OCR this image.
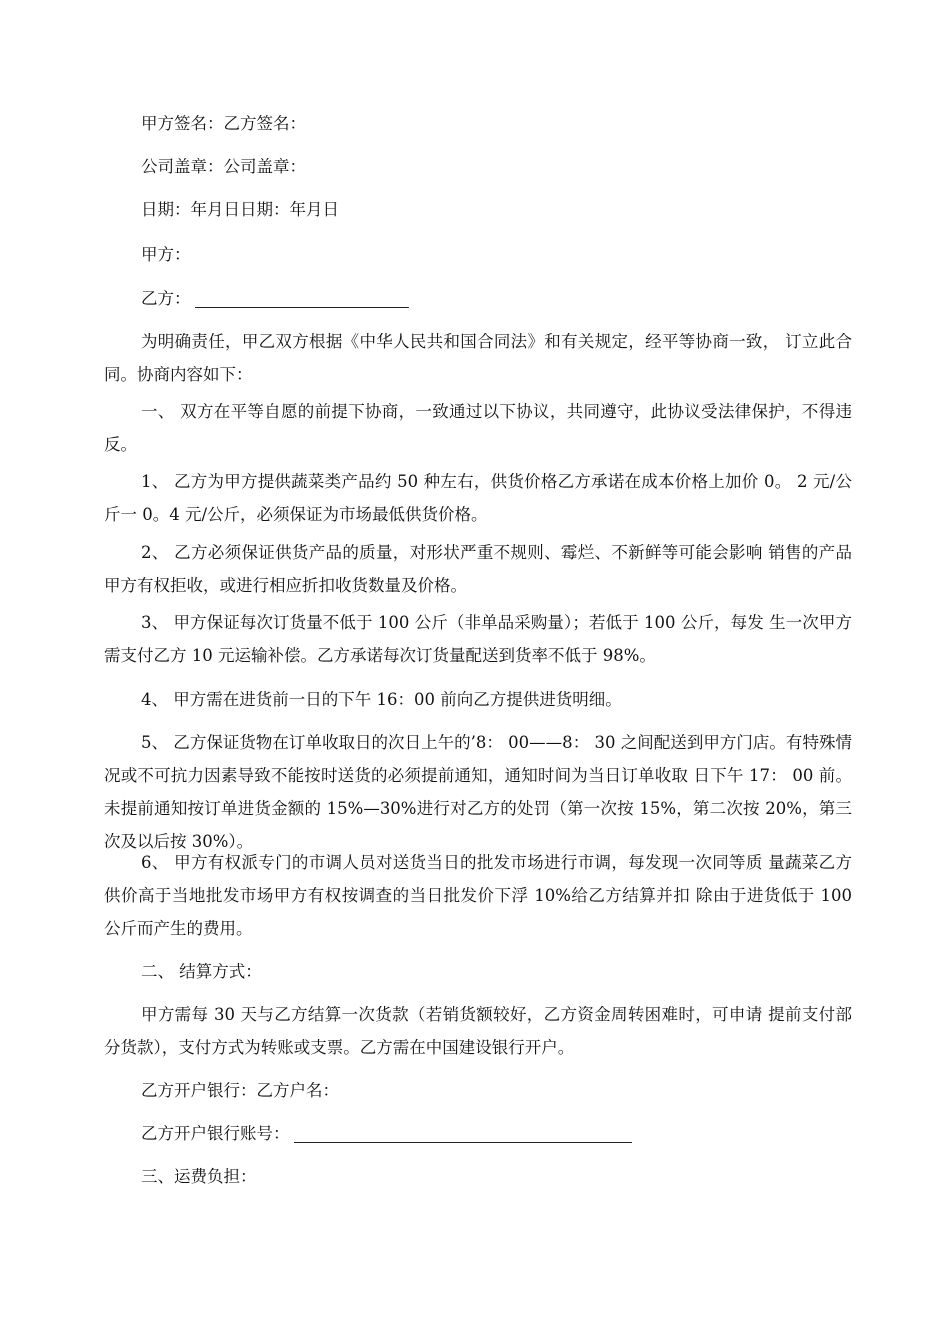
甲方签名：乙方签名：

公司盖章：公司盖章：

日期：年月日日期：年月日

甲方：

乙方：

为明确责任，甲乙双方根据《中华人民共和国合同法》和有关规定，经平等协商一致， 订立此合同。协商内容如下：

一、 双方在平等自愿的前提下协商，一致通过以下协议，共同遵守，此协议受法律保护，不得违反。

1、 乙方为甲方提供蔬菜类产品约 50 种左右，供货价格乙方承诺在成本价格上加价 0。 2 元/公斤一 0。4 元/公斤，必须保证为市场最低供货价格。

2、 乙方必须保证供货产品的质量，对形状严重不规则、霉烂、不新鲜等可能会影响 销售的产品甲方有权拒收，或进行相应折扣收货数量及价格。

3、 甲方保证每次订货量不低于 100 公斤（非单品采购量）；若低于 100 公斤，每发 生一次甲方需支付乙方 10 元运输补偿。乙方承诺每次订货量配送到货率不低于 98%。

4、 甲方需在进货前一日的下午 16：00 前向乙方提供进货明细。

5、 乙方保证货物在订单收取日的次日上午的’8： 00——8： 30 之间配送到甲方门店。有特殊情况或不可抗力因素导致不能按时送货的必须提前通知，通知时间为当日订单收取 日下午 17： 00 前。未提前通知按订单进货金额的 15%—30%进行对乙方的处罚（第一次按 15%，第二次按 20%，第三次及以后按 30%）。

6、 甲方有权派专门的市调人员对送货当日的批发市场进行市调，每发现一次同等质 量蔬菜乙方供价高于当地批发市场甲方有权按调查的当日批发价下浮 10%给乙方结算并扣 除由于进货低于 100 公斤而产生的费用。

二、 结算方式：

甲方需每 30 天与乙方结算一次货款（若销货额较好，乙方资金周转困难时，可申请 提前支付部分货款），支付方式为转账或支票。乙方需在中国建设银行开户。

乙方开户银行：乙方户名：

乙方开户银行账号：

三、运费负担：
